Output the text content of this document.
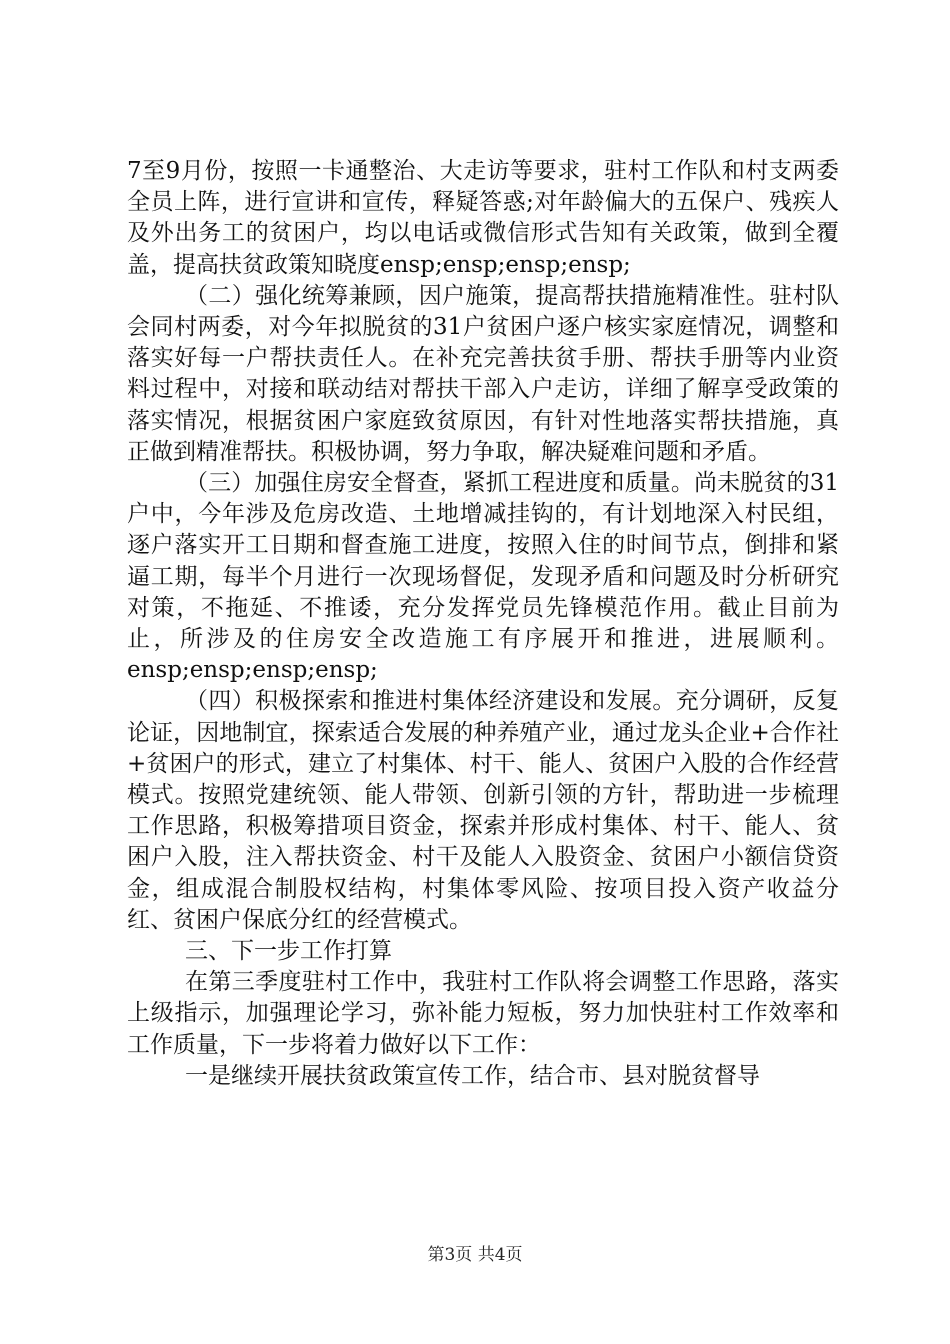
7至9月份，按照一卡通整治、大走访等要求，驻村工作队和村支两委全员上阵，进行宣讲和宣传，释疑答惑;对年龄偏大的五保户、残疾人及外出务工的贫困户，均以电话或微信形式告知有关政策，做到全覆盖，提高扶贫政策知晓度ensp;ensp;ensp;ensp;

（二）强化统筹兼顾，因户施策，提高帮扶措施精准性。驻村队会同村两委，对今年拟脱贫的31户贫困户逐户核实家庭情况，调整和落实好每一户帮扶责任人。在补充完善扶贫手册、帮扶手册等内业资料过程中，对接和联动结对帮扶干部入户走访，详细了解享受政策的落实情况，根据贫困户家庭致贫原因，有针对性地落实帮扶措施，真正做到精准帮扶。积极协调，努力争取，解决疑难问题和矛盾。

（三）加强住房安全督查，紧抓工程进度和质量。尚未脱贫的31户中，今年涉及危房改造、土地增减挂钩的，有计划地深入村民组，逐户落实开工日期和督查施工进度，按照入住的时间节点，倒排和紧逼工期，每半个月进行一次现场督促，发现矛盾和问题及时分析研究对策，不拖延、不推诿，充分发挥党员先锋模范作用。截止目前为止，所涉及的住房安全改造施工有序展开和推进，进展顺利。ensp;ensp;ensp;ensp;

（四）积极探索和推进村集体经济建设和发展。充分调研，反复论证，因地制宜，探索适合发展的种养殖产业，通过龙头企业+合作社+贫困户的形式，建立了村集体、村干、能人、贫困户入股的合作经营模式。按照党建统领、能人带领、创新引领的方针，帮助进一步梳理工作思路，积极筹措项目资金，探索并形成村集体、村干、能人、贫困户入股，注入帮扶资金、村干及能人入股资金、贫困户小额信贷资金，组成混合制股权结构，村集体零风险、按项目投入资产收益分红、贫困户保底分红的经营模式。

三、下一步工作打算

在第三季度驻村工作中，我驻村工作队将会调整工作思路，落实上级指示，加强理论学习，弥补能力短板，努力加快驻村工作效率和工作质量，下一步将着力做好以下工作：

一是继续开展扶贫政策宣传工作，结合市、县对脱贫督导

第3页 共4页
